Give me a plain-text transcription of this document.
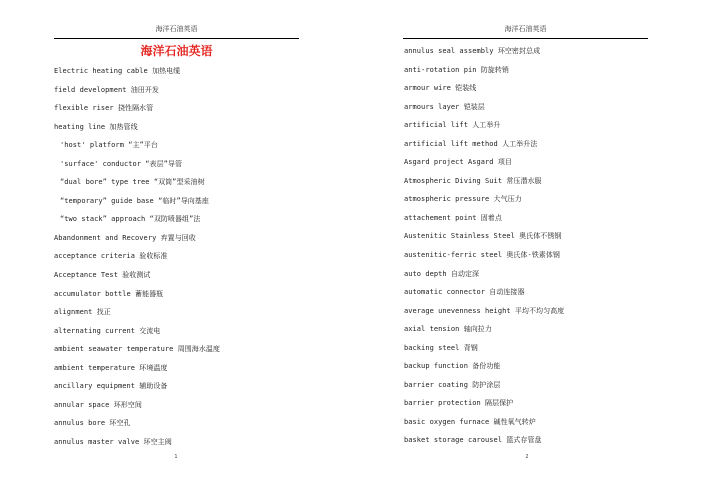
海洋石油英语
海洋石油英语
Electric heating cable 加热电缆
field development 油田开发
flexible riser 挠性隔水管
heating line 加热管线
'host' platform “主”平台
'surface' conductor “表层”导管
“dual bore” type tree “双筒”型采油树
“temporary” guide base “临时”导向基座
“two stack” approach “双防喷器组”法
Abandonment and Recovery 弃置与回收
acceptance criteria 验收标准
Acceptance Test 验收测试
accumulator bottle 蓄能器瓶
alignment 找正
alternating current 交流电
ambient seawater temperature 周围海水温度
ambient temperature 环境温度
ancillary equipment 辅助设备
annular space 环形空间
annulus bore 环空孔
annulus master valve 环空主阀
1
海洋石油英语
annulus seal assembly 环空密封总成
anti-rotation pin 防旋转销
armour wire 铠装线
armours layer 铠装层
artificial lift 人工举升
artificial lift method 人工举升法
Asgard project Asgard 项目
Atmospheric Diving Suit 常压潜水服
atmospheric pressure 大气压力
attachement point 固着点
Austenitic Stainless Steel 奥氏体不锈钢
austenitic-ferric steel 奥氏体-铁素体钢
auto depth 自动定深
automatic connector 自动连接器
average unevenness height 平均不均匀高度
axial tension 轴向拉力
backing steel 背钢
backup function 备份功能
barrier coating 防护涂层
barrier protection 隔层保护
basic oxygen furnace 碱性氧气转炉
basket storage carousel 篮式存管盘
2
